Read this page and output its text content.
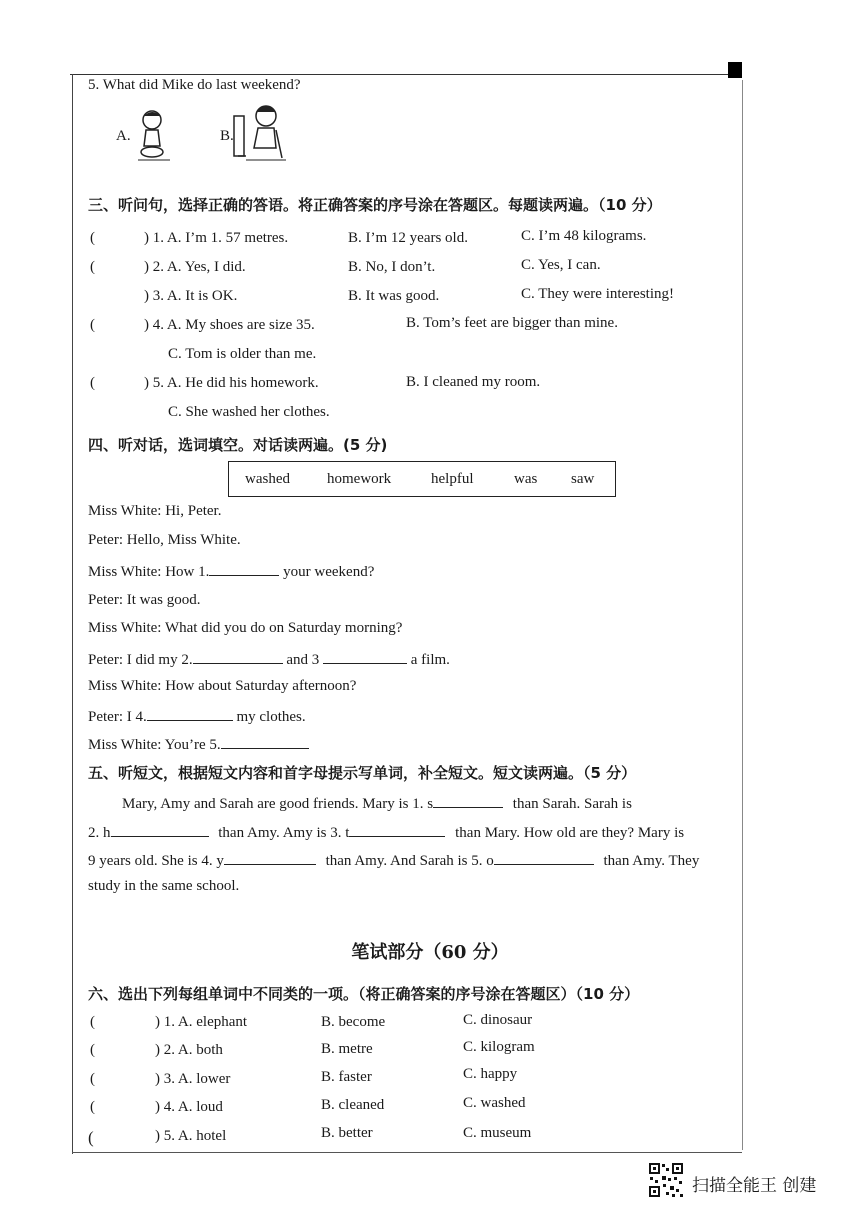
5. What did Mike do last weekend?
A.	B.
三、听问句，选择正确的答语。将正确答案的序号涂在答题区。每题读两遍。（10 分）
(	) 1. A. I’m 1. 57 metres.	B. I’m 12 years old.	C. I’m 48 kilograms.
(	) 2. A. Yes, I did.	B. No, I don’t.	C. Yes, I can.
) 3. A. It is OK.	B. It was good.	C. They were interesting!
(	) 4. A. My shoes are size 35.	B. Tom’s feet are bigger than mine.
C. Tom is older than me.
(	) 5. A. He did his homework.	B. I cleaned my room.
C. She washed her clothes.
四、听对话，选词填空。对话读两遍。(5 分)
washed homework	helpful	was saw
Miss White: Hi, Peter.
Peter: Hello, Miss White.
Miss White: How 1.	your weekend?
Peter: It was good.
Miss White: What did you do on Saturday morning?
Peter: I did my 2.	and 3	a film.
Miss White: How about Saturday afternoon?
Peter: I 4.	my clothes.
Miss White: You’re 5.
五、听短文，根据短文内容和首字母提示写单词，补全短文。短文读两遍。（5 分）
Mary, Amy and Sarah are good friends. Mary is 1. s	than Sarah. Sarah is
2. h	than Amy. Amy is 3. t	than Mary. How old are they? Mary is
9 years old. She is 4. y	than Amy. And Sarah is 5. o	than Amy. They
study in the same school.
笔试部分（60 分）
六、选出下列每组单词中不同类的一项。（将正确答案的序号涂在答题区）（10 分）
(	) 1. A. elephant	B. become	C. dinosaur
(	) 2. A. both	B. metre	C. kilogram
(	) 3. A. lower	B. faster	C. happy
(	) 4. A. loud	B. cleaned	C. washed
(	) 5. A. hotel	B. better	C. museum
扫描全能王 创建
